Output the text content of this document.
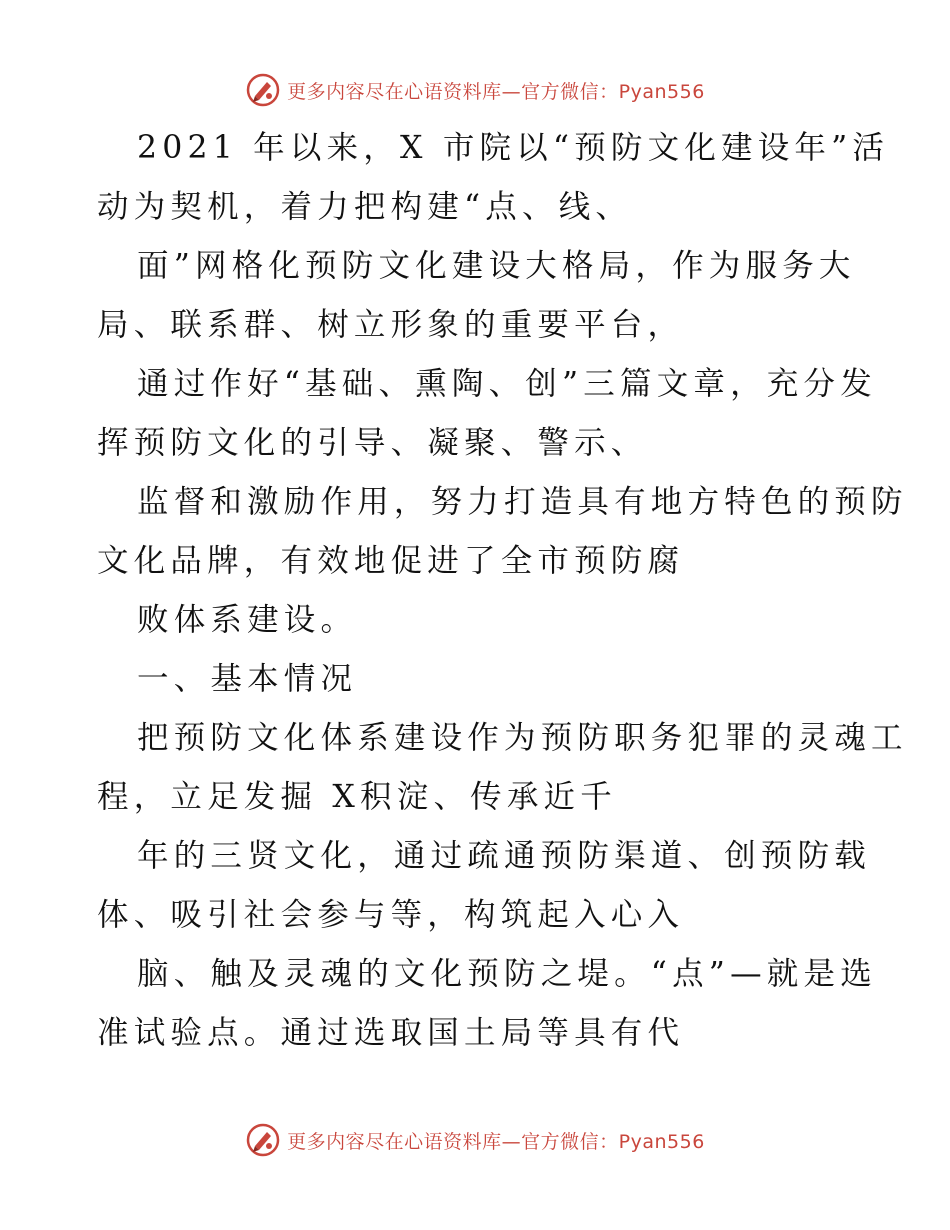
更多内容尽在心语资料库—官方微信：Pyan556
2021 年以来，X 市院以“预防文化建设年”活
动为契机，着力把构建“点、线、
面”网格化预防文化建设大格局，作为服务大
局、联系群、树立形象的重要平台，
通过作好“基础、熏陶、创”三篇文章，充分发
挥预防文化的引导、凝聚、警示、
监督和激励作用，努力打造具有地方特色的预防
文化品牌，有效地促进了全市预防腐
败体系建设。
一、基本情况
把预防文化体系建设作为预防职务犯罪的灵魂工
程，立足发掘 X积淀、传承近千
年的三贤文化，通过疏通预防渠道、创预防载
体、吸引社会参与等，构筑起入心入
脑、触及灵魂的文化预防之堤。“点”—就是选
准试验点。通过选取国土局等具有代
更多内容尽在心语资料库—官方微信：Pyan556
